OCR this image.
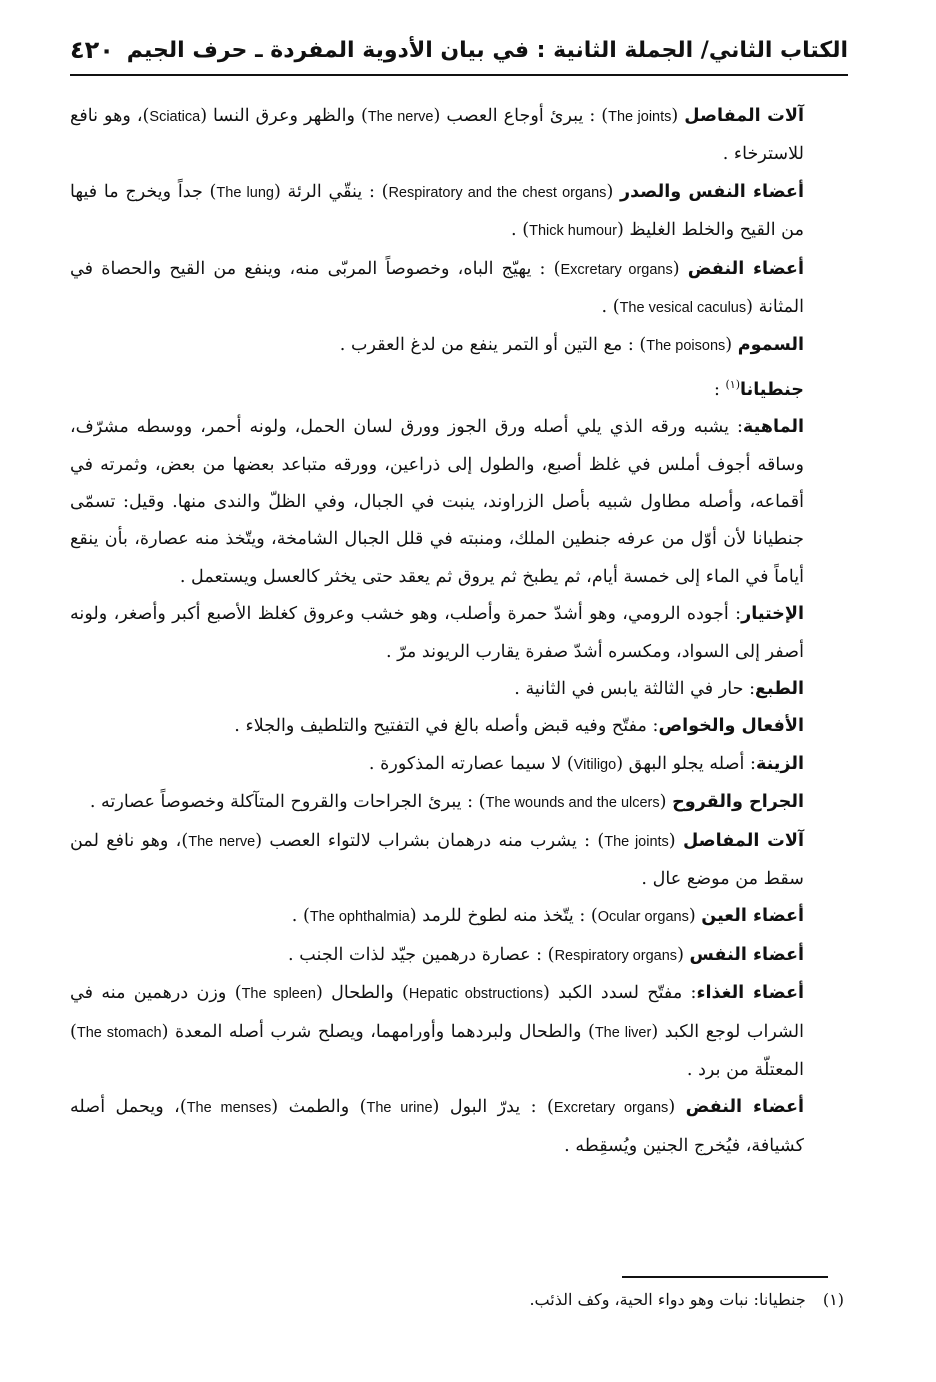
الكتاب الثاني/ الجملة الثانية : في بيان الأدوية المفردة ـ حرف الجيم
٤٢٠

آلات المفاصل (The joints) : يبرئ أوجاع العصب (The nerve) والظهر وعرق النسا (Sciatica)، وهو نافع للاسترخاء .

أعضاء النفس والصدر (Respiratory and the chest organs) : ينقّي الرئة (The lung) جداً ويخرج ما فيها من القيح والخلط الغليظ (Thick humour) .

أعضاء النفض (Excretary organs) : يهيّج الباه، وخصوصاً المربّى منه، وينفع من القيح والحصاة في المثانة (The vesical caculus) .

السموم (The poisons) : مع التين أو التمر ينفع من لدغ العقرب .

جنطيانا$^{(١)}$ :

الماهية: يشبه ورقه الذي يلي أصله ورق الجوز وورق لسان الحمل، ولونه أحمر، ووسطه مشرّف، وساقه أجوف أملس في غلظ أصبع، والطول إلى ذراعين، وورقه متباعد بعضها من بعض، وثمرته في أقماعه، وأصله مطاول شبيه بأصل الزراوند، ينبت في الجبال، وفي الظلّ والندى منها. وقيل: تسمّى جنطيانا لأن أوّل من عرفه جنطين الملك، ومنبته في قلل الجبال الشامخة، ويتّخذ منه عصارة، بأن ينقع أياماً في الماء إلى خمسة أيام، ثم يطبخ ثم يروق ثم يعقد حتى يخثر كالعسل ويستعمل .

الإختيار: أجوده الرومي، وهو أشدّ حمرة وأصلب، وهو خشب وعروق كغلظ الأصبع أكبر وأصغر، ولونه أصفر إلى السواد، ومكسره أشدّ صفرة يقارب الريوند مرّ .

الطبع: حار في الثالثة يابس في الثانية .

الأفعال والخواص: مفتّح وفيه قبض وأصله بالغ في التفتيح والتلطيف والجلاء .

الزينة: أصله يجلو البهق (Vitiligo) لا سيما عصارته المذكورة .

الجراح والقروح (The wounds and the ulcers) : يبرئ الجراحات والقروح المتآكلة وخصوصاً عصارته .

آلات المفاصل (The joints) : يشرب منه درهمان بشراب لالتواء العصب (The nerve)، وهو نافع لمن سقط من موضع عال .

أعضاء العين (Ocular organs) : يتّخذ منه لطوخ للرمد (The ophthalmia) .

أعضاء النفس (Respiratory organs) : عصارة درهمين جيّد لذات الجنب .

أعضاء الغذاء: مفتّح لسدد الكبد (Hepatic obstructions) والطحال (The spleen) وزن درهمين منه في الشراب لوجع الكبد (The liver) والطحال ولبردهما وأورامهما، ويصلح شرب أصله المعدة (The stomach) المعتلّة من برد .

أعضاء النفض (Excretary organs) : يدرّ البول (The urine) والطمث (The menses)، ويحمل أصله كشيافة، فيُخرج الجنين ويُسقِطه .

(١) جنطيانا: نبات وهو دواء الحية، وكف الذئب.
